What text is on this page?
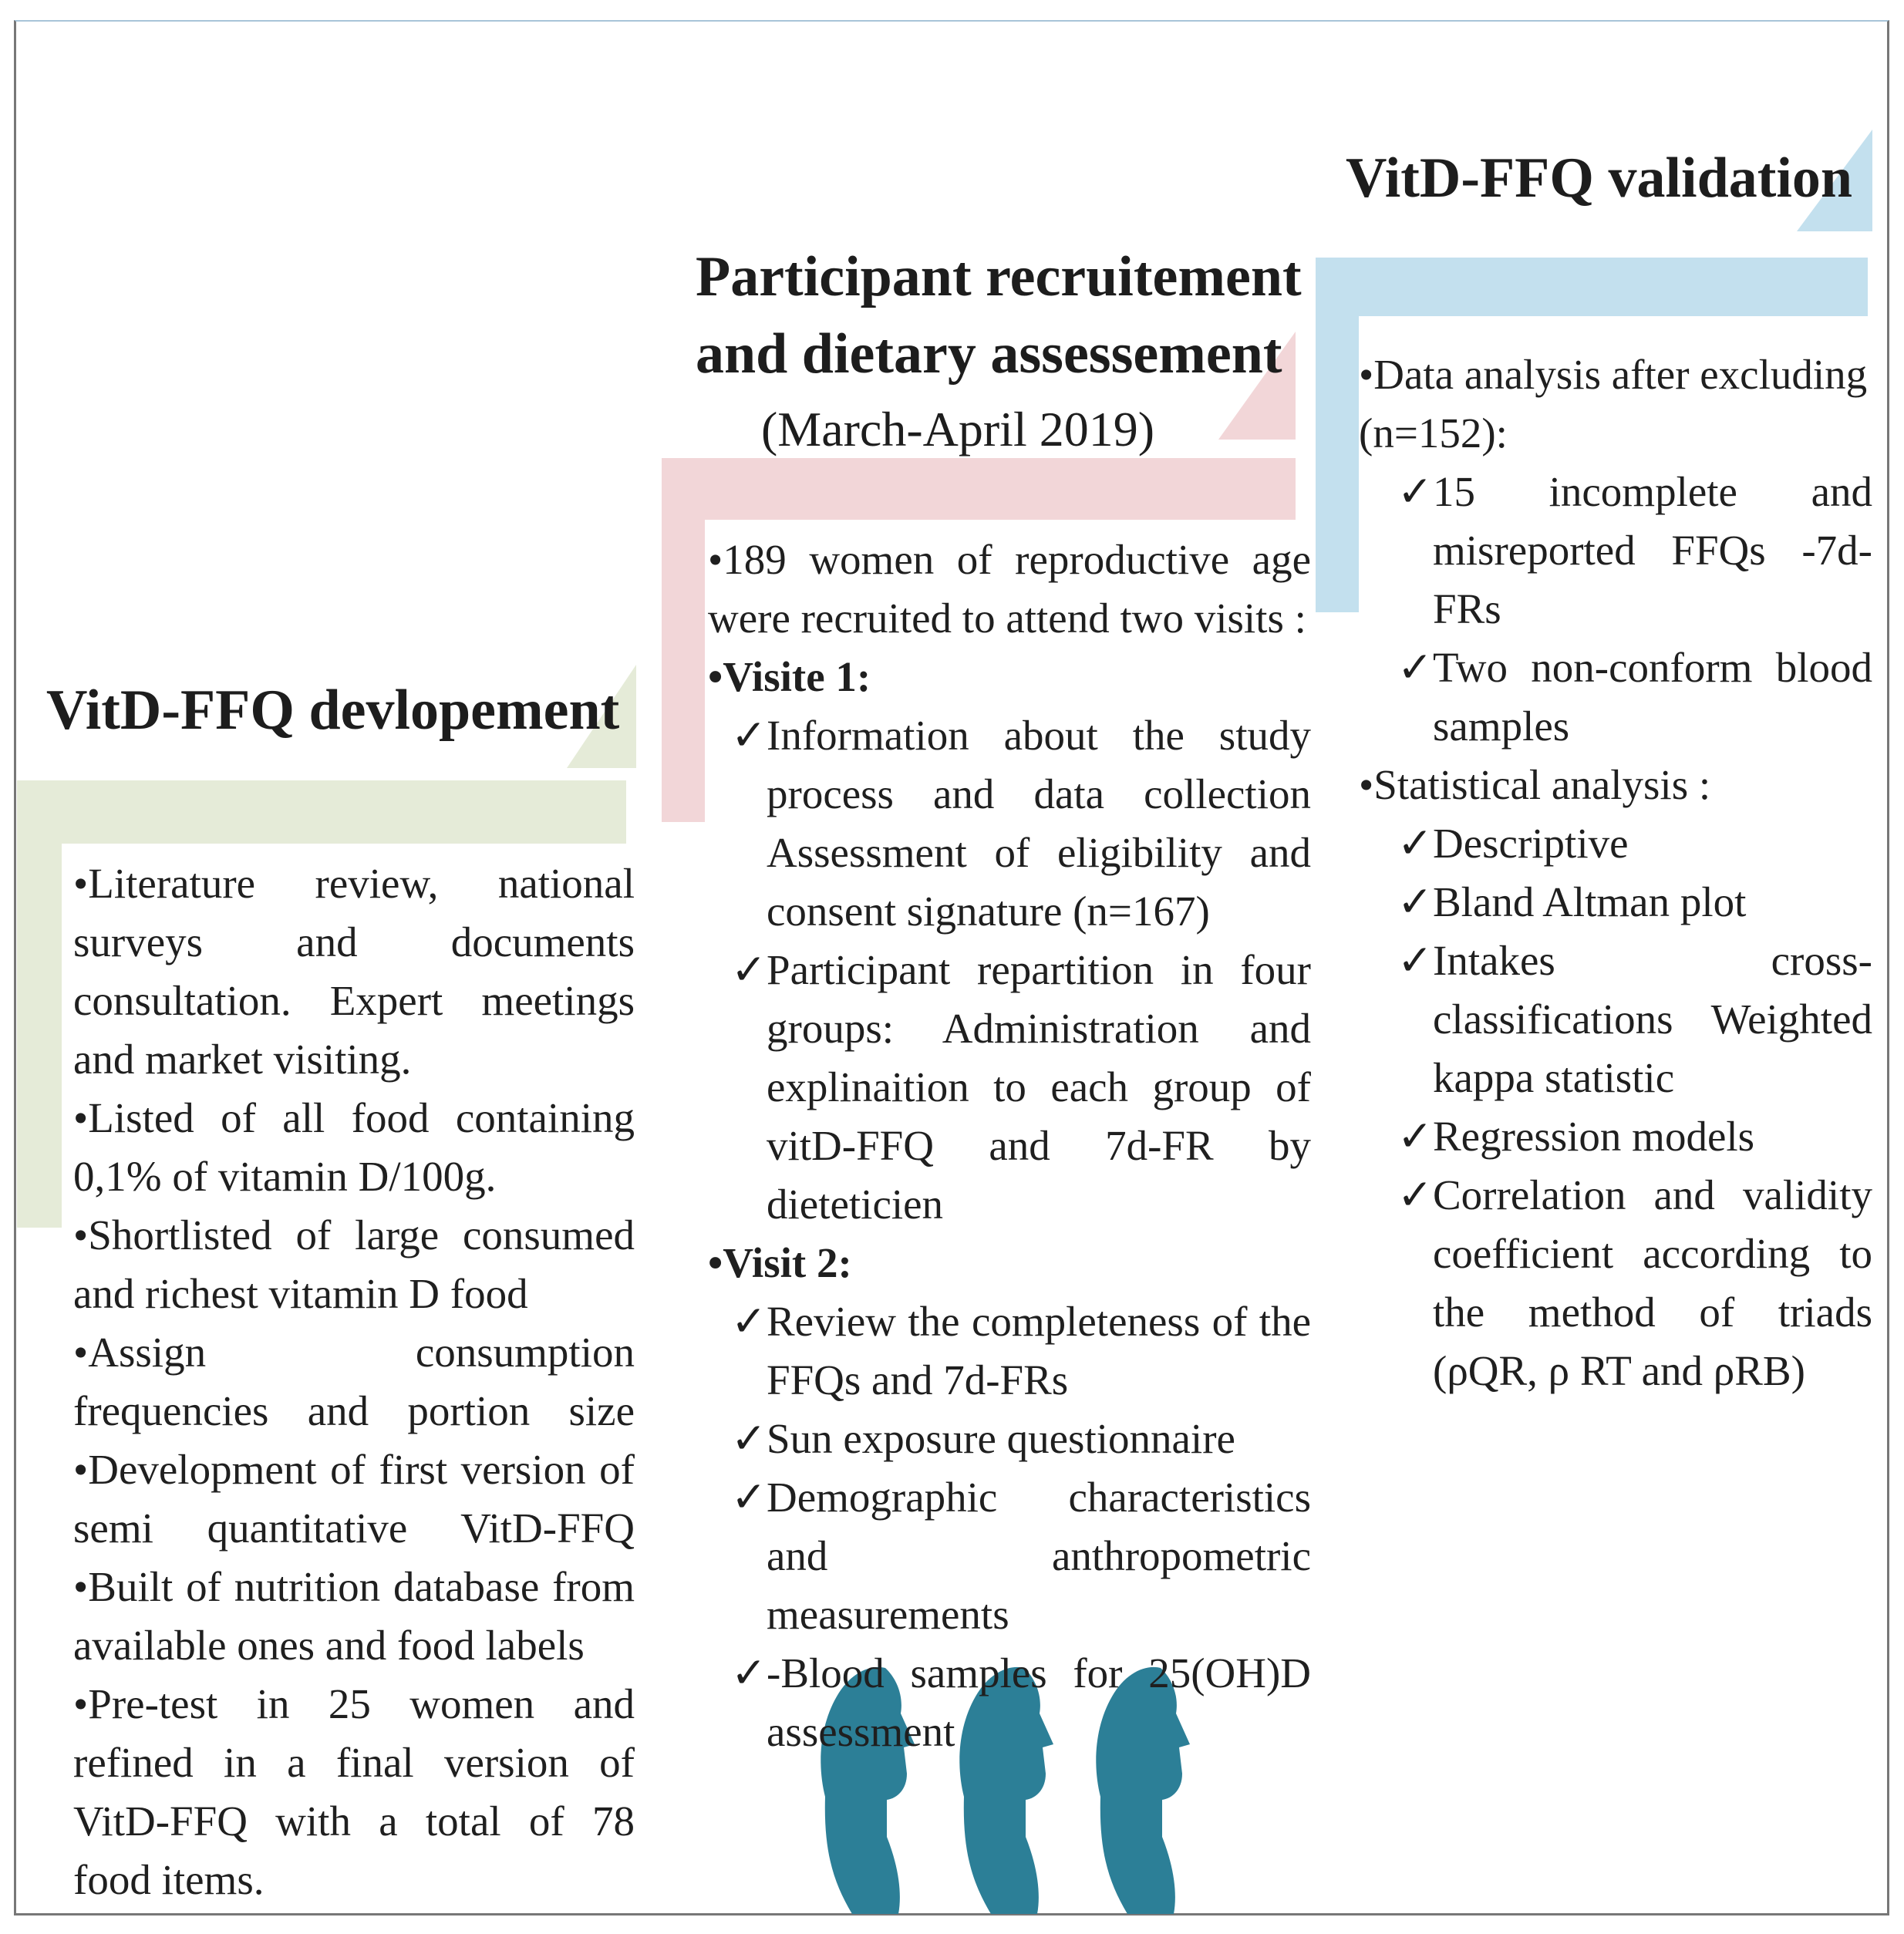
VitD-FFQ devlopement
Participant recruitement
and dietary assessement
(March-April 2019)
VitD-FFQ validation

•Literature review, national surveys and documents consultation. Expert meetings and market visiting.

•Listed of all food containing 0,1% of vitamin D/100g.

•Shortlisted of large consumed and richest vitamin D food

•Assign consumption frequencies and portion size •Development of first version of semi quantitative VitD-FFQ •Built of nutrition database from available ones and food labels

•Pre-test in 25 women and refined in a final version of VitD-FFQ with a total of 78 food items.

•189 women of reproductive age were recruited to attend two visits :

•Visite 1:

✓ Information about the study process and data collection Assessment of eligibility and consent signature (n=167)
✓ Participant repartition in four groups: Administration and explinaition to each group of vitD-FFQ and 7d-FR by dieteticien

•Visit 2:

✓ Review the completeness of the FFQs and 7d-FRs
✓ Sun exposure questionnaire
✓ Demographic characteristics and anthropometric measurements
✓ -Blood samples for 25(OH)D assessment

•Data analysis after excluding (n=152):

✓ 15 incomplete and misreported FFQs -7d-FRs
✓ Two non-conform blood samples

•Statistical analysis :

✓ Descriptive
✓ Bland Altman plot
✓ Intakes cross-classifications Weighted kappa statistic
✓ Regression models
✓ Correlation and validity coefficient according to the method of triads (ρQR, ρ RT and ρRB)
